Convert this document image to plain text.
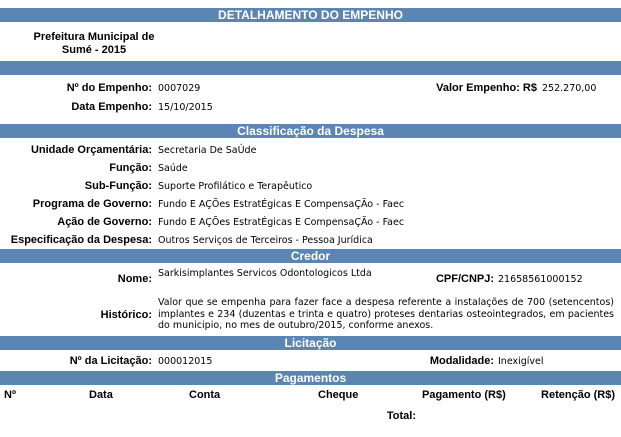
DETALHAMENTO DO EMPENHO
Prefeitura Municipal de Sumé - 2015
Nº do Empenho: 0007029	Valor Empenho: R$ 252.270,00
Data Empenho: 15/10/2015
Classificação da Despesa
Unidade Orçamentária: Secretaria De SaÚde
Função: Saúde
Sub-Função: Suporte Profilático e Terapêutico
Programa de Governo: Fundo E AÇÕes EstratÉgicas E CompensaÇÃo - Faec
Ação de Governo: Fundo E AÇÕes EstratÉgicas E CompensaÇÃo - Faec
Especificação da Despesa: Outros Serviços de Terceiros - Pessoa Jurídica
Credor
Nome: Sarkisimplantes Servicos Odontologicos Ltda	CPF/CNPJ: 21658561000152
Histórico:
Valor que se empenha para fazer face a despesa referente a instalações de 700 (setencentos) implantes e 234 (duzentas e trinta e quatro) proteses dentarias osteointegrados, em pacientes do municipio, no mes de outubro/2015, conforme anexos.
Licitação
Nº da Licitação: 000012015	Modalidade: Inexigível
Pagamentos
Nº	Data	Conta	Cheque	Pagamento (R$)	Retenção (R$)
Total:
